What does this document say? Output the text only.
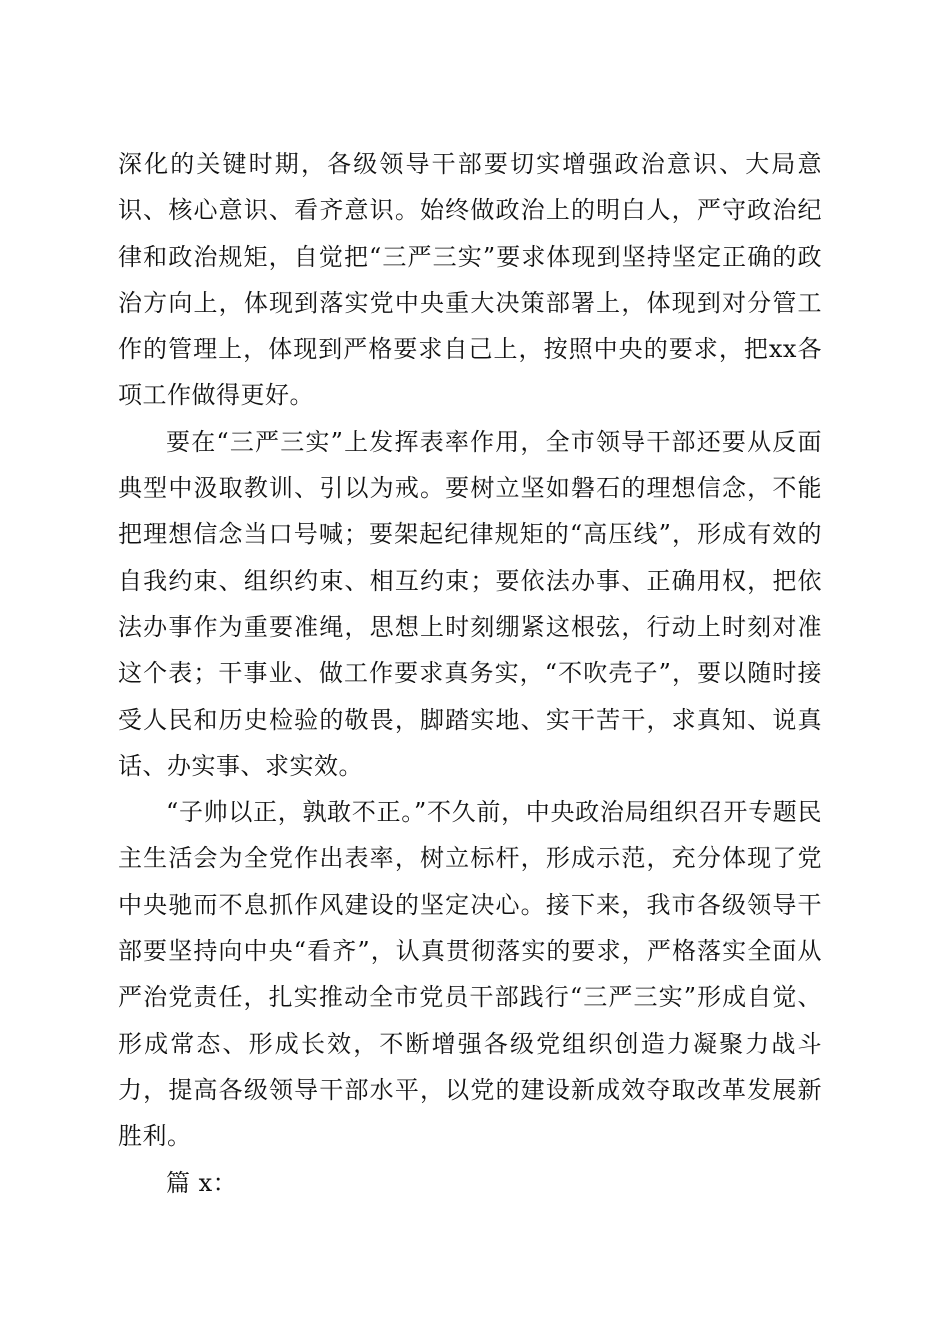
深化的关键时期，各级领导干部要切实增强政治意识、大局意识、核心意识、看齐意识。始终做政治上的明白人，严守政治纪律和政治规矩，自觉把“三严三实”要求体现到坚持坚定正确的政治方向上，体现到落实党中央重大决策部署上，体现到对分管工作的管理上，体现到严格要求自己上，按照中央的要求，把xx各项工作做得更好。

要在“三严三实”上发挥表率作用，全市领导干部还要从反面典型中汲取教训、引以为戒。要树立坚如磐石的理想信念，不能把理想信念当口号喊；要架起纪律规矩的“高压线”，形成有效的自我约束、组织约束、相互约束；要依法办事、正确用权，把依法办事作为重要准绳，思想上时刻绷紧这根弦，行动上时刻对准这个表；干事业、做工作要求真务实，“不吹壳子”，要以随时接受人民和历史检验的敬畏，脚踏实地、实干苦干，求真知、说真话、办实事、求实效。

“子帅以正，孰敢不正。”不久前，中央政治局组织召开专题民主生活会为全党作出表率，树立标杆，形成示范，充分体现了党中央驰而不息抓作风建设的坚定决心。接下来，我市各级领导干部要坚持向中央“看齐”，认真贯彻落实的要求，严格落实全面从严治党责任，扎实推动全市党员干部践行“三严三实”形成自觉、形成常态、形成长效，不断增强各级党组织创造力凝聚力战斗力，提高各级领导干部水平，以党的建设新成效夺取改革发展新胜利。

篇 x：
